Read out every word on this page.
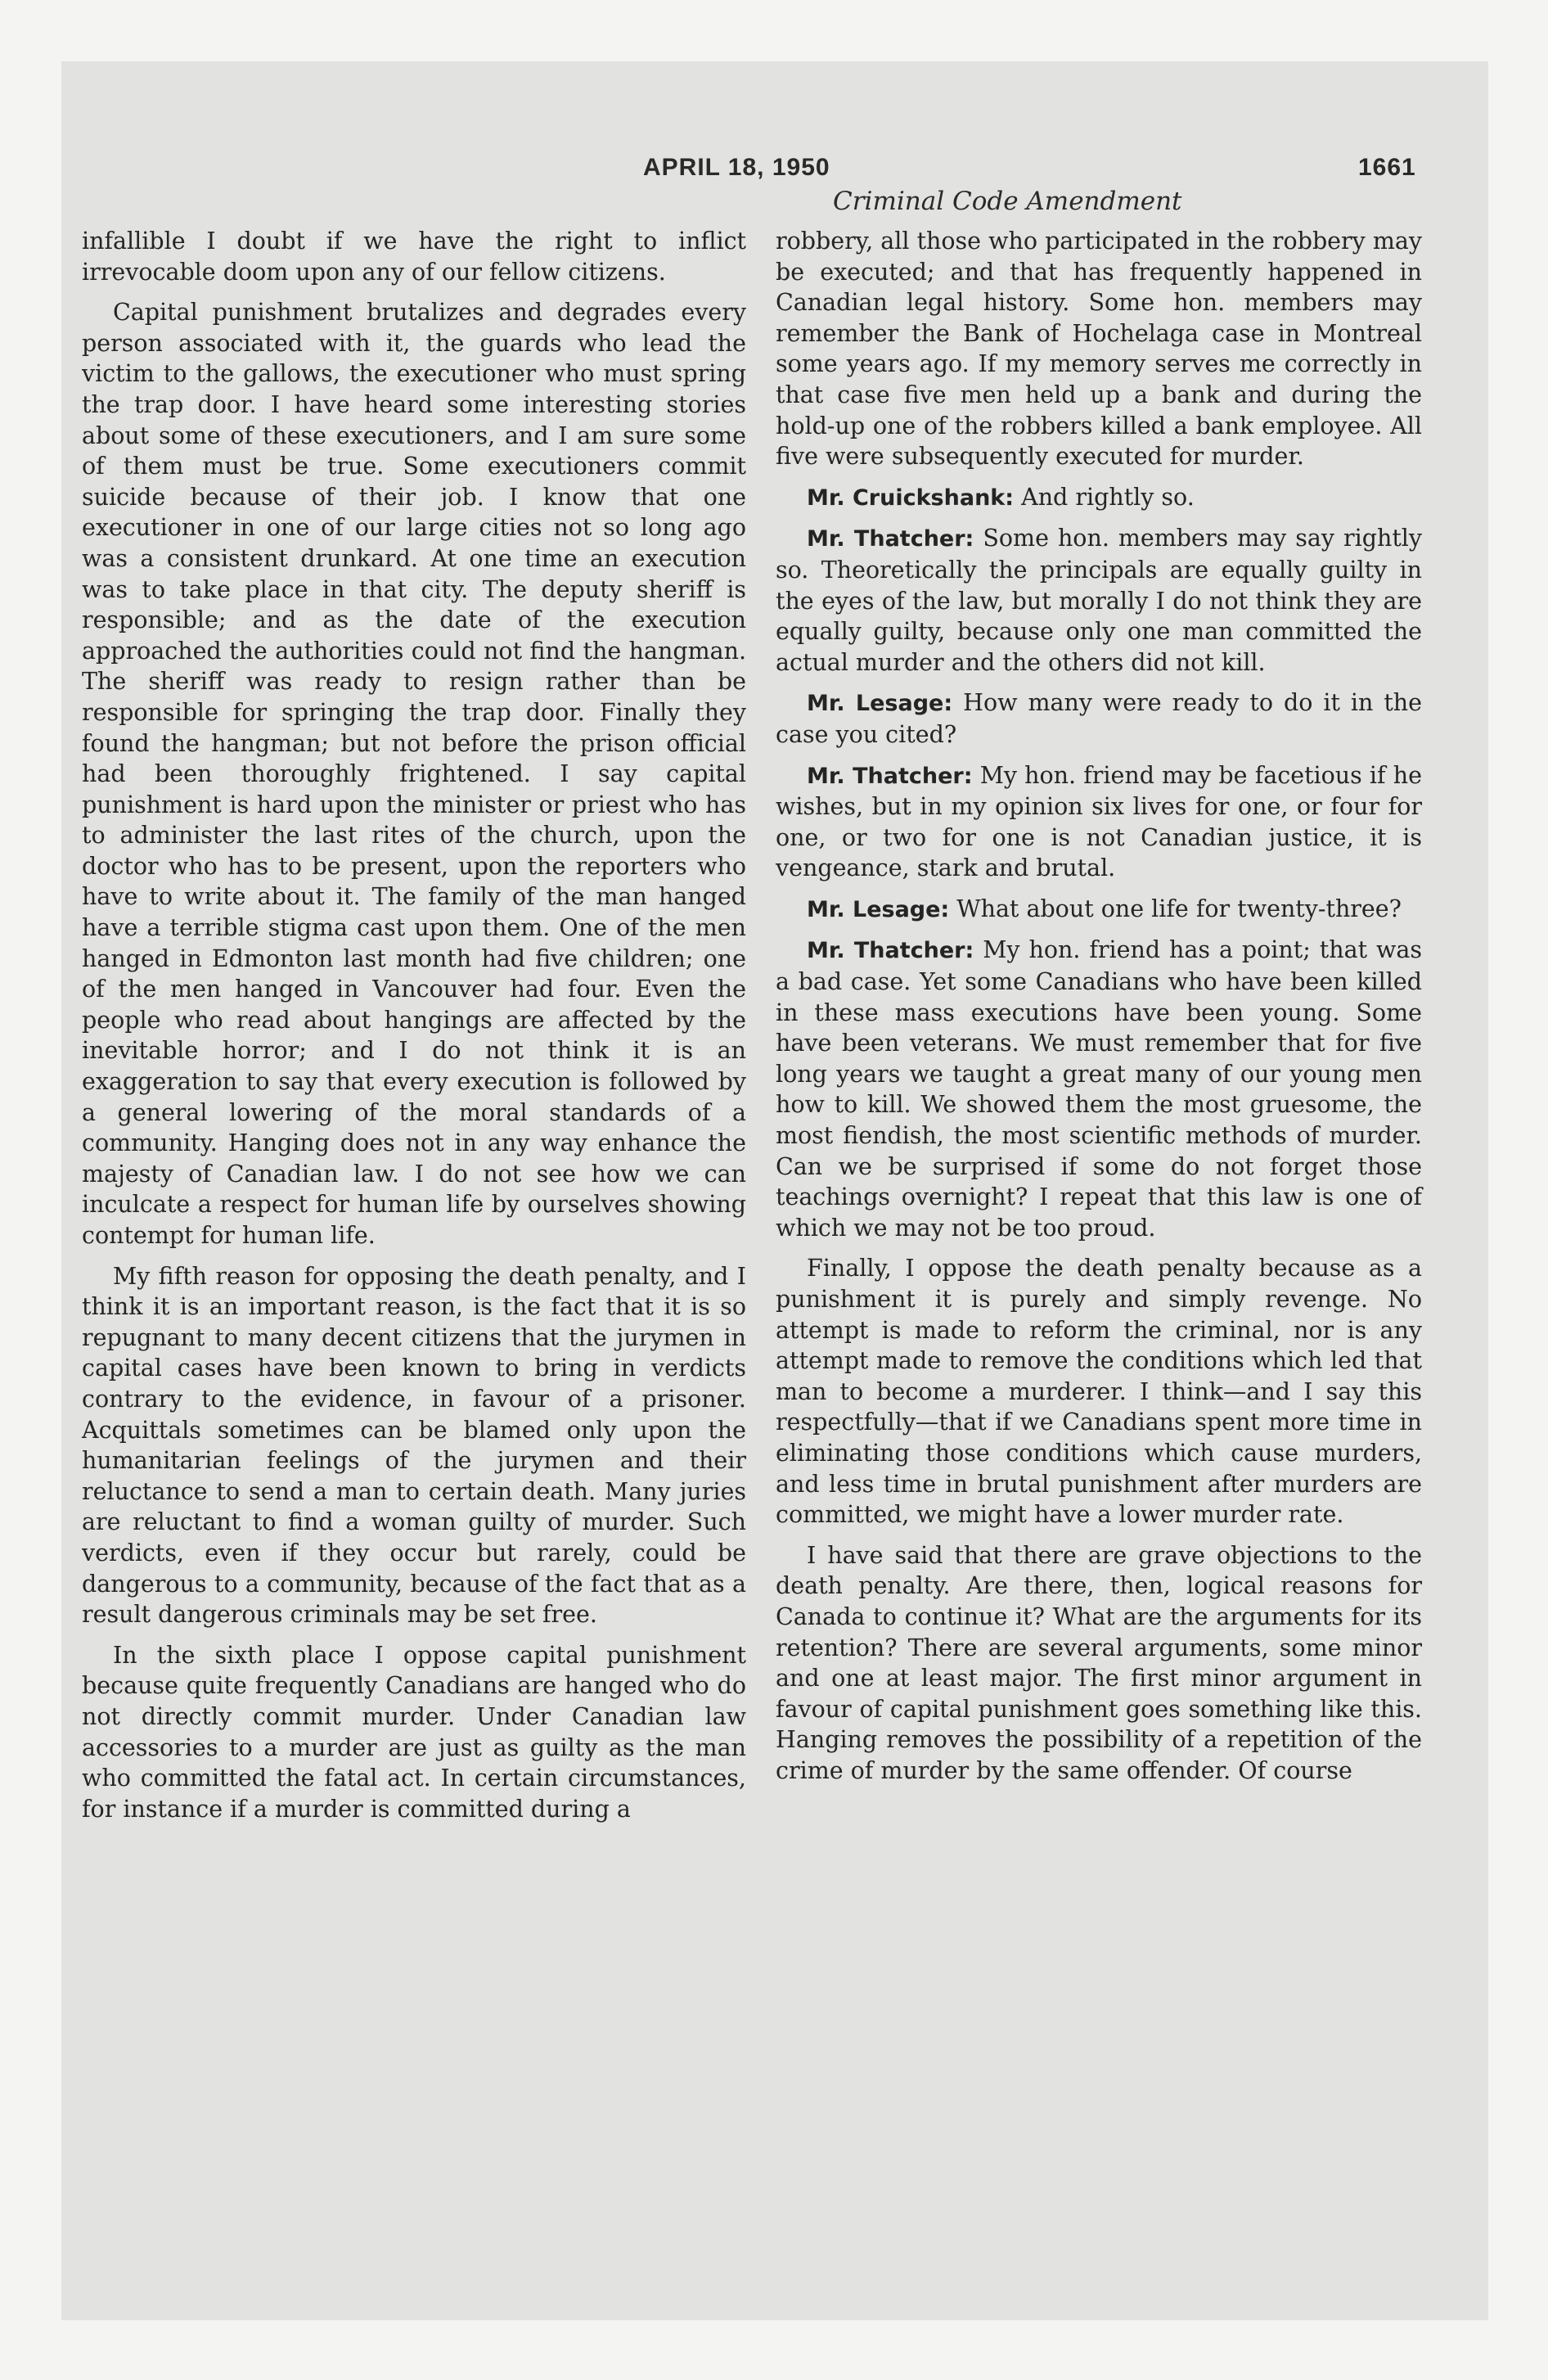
APRIL 18, 1950	1661
Criminal Code Amendment

infallible I doubt if we have the right to inflict irrevocable doom upon any of our fellow citizens.

Capital punishment brutalizes and degrades every person associated with it, the guards who lead the victim to the gallows, the executioner who must spring the trap door. I have heard some interesting stories about some of these executioners, and I am sure some of them must be true. Some executioners commit suicide because of their job. I know that one executioner in one of our large cities not so long ago was a consistent drunkard. At one time an execution was to take place in that city. The deputy sheriff is responsible; and as the date of the execution approached the authorities could not find the hangman. The sheriff was ready to resign rather than be responsible for springing the trap door. Finally they found the hangman; but not before the prison official had been thoroughly frightened. I say capital punishment is hard upon the minister or priest who has to administer the last rites of the church, upon the doctor who has to be present, upon the reporters who have to write about it. The family of the man hanged have a terrible stigma cast upon them. One of the men hanged in Edmonton last month had five children; one of the men hanged in Vancouver had four. Even the people who read about hangings are affected by the inevitable horror; and I do not think it is an exaggeration to say that every execution is followed by a general lowering of the moral standards of a community. Hanging does not in any way enhance the majesty of Canadian law. I do not see how we can inculcate a respect for human life by ourselves showing contempt for human life.

My fifth reason for opposing the death penalty, and I think it is an important reason, is the fact that it is so repugnant to many decent citizens that the jurymen in capital cases have been known to bring in verdicts contrary to the evidence, in favour of a prisoner. Acquittals sometimes can be blamed only upon the humanitarian feelings of the jurymen and their reluctance to send a man to certain death. Many juries are reluctant to find a woman guilty of murder. Such verdicts, even if they occur but rarely, could be dangerous to a community, because of the fact that as a result dangerous criminals may be set free.

In the sixth place I oppose capital punishment because quite frequently Canadians are hanged who do not directly commit murder. Under Canadian law accessories to a murder are just as guilty as the man who committed the fatal act. In certain circumstances, for instance if a murder is committed during a

robbery, all those who participated in the robbery may be executed; and that has frequently happened in Canadian legal history. Some hon. members may remember the Bank of Hochelaga case in Montreal some years ago. If my memory serves me correctly in that case five men held up a bank and during the hold-up one of the robbers killed a bank employee. All five were subsequently executed for murder.

Mr. Cruickshank: And rightly so.

Mr. Thatcher: Some hon. members may say rightly so. Theoretically the principals are equally guilty in the eyes of the law, but morally I do not think they are equally guilty, because only one man committed the actual murder and the others did not kill.

Mr. Lesage: How many were ready to do it in the case you cited?

Mr. Thatcher: My hon. friend may be facetious if he wishes, but in my opinion six lives for one, or four for one, or two for one is not Canadian justice, it is vengeance, stark and brutal.

Mr. Lesage: What about one life for twenty-three?

Mr. Thatcher: My hon. friend has a point; that was a bad case. Yet some Canadians who have been killed in these mass executions have been young. Some have been veterans. We must remember that for five long years we taught a great many of our young men how to kill. We showed them the most gruesome, the most fiendish, the most scientific methods of murder. Can we be surprised if some do not forget those teachings overnight? I repeat that this law is one of which we may not be too proud.

Finally, I oppose the death penalty because as a punishment it is purely and simply revenge. No attempt is made to reform the criminal, nor is any attempt made to remove the conditions which led that man to become a murderer. I think—and I say this respectfully—that if we Canadians spent more time in eliminating those conditions which cause murders, and less time in brutal punishment after murders are committed, we might have a lower murder rate.

I have said that there are grave objections to the death penalty. Are there, then, logical reasons for Canada to continue it? What are the arguments for its retention? There are several arguments, some minor and one at least major. The first minor argument in favour of capital punishment goes something like this. Hanging removes the possibility of a repetition of the crime of murder by the same offender. Of course
